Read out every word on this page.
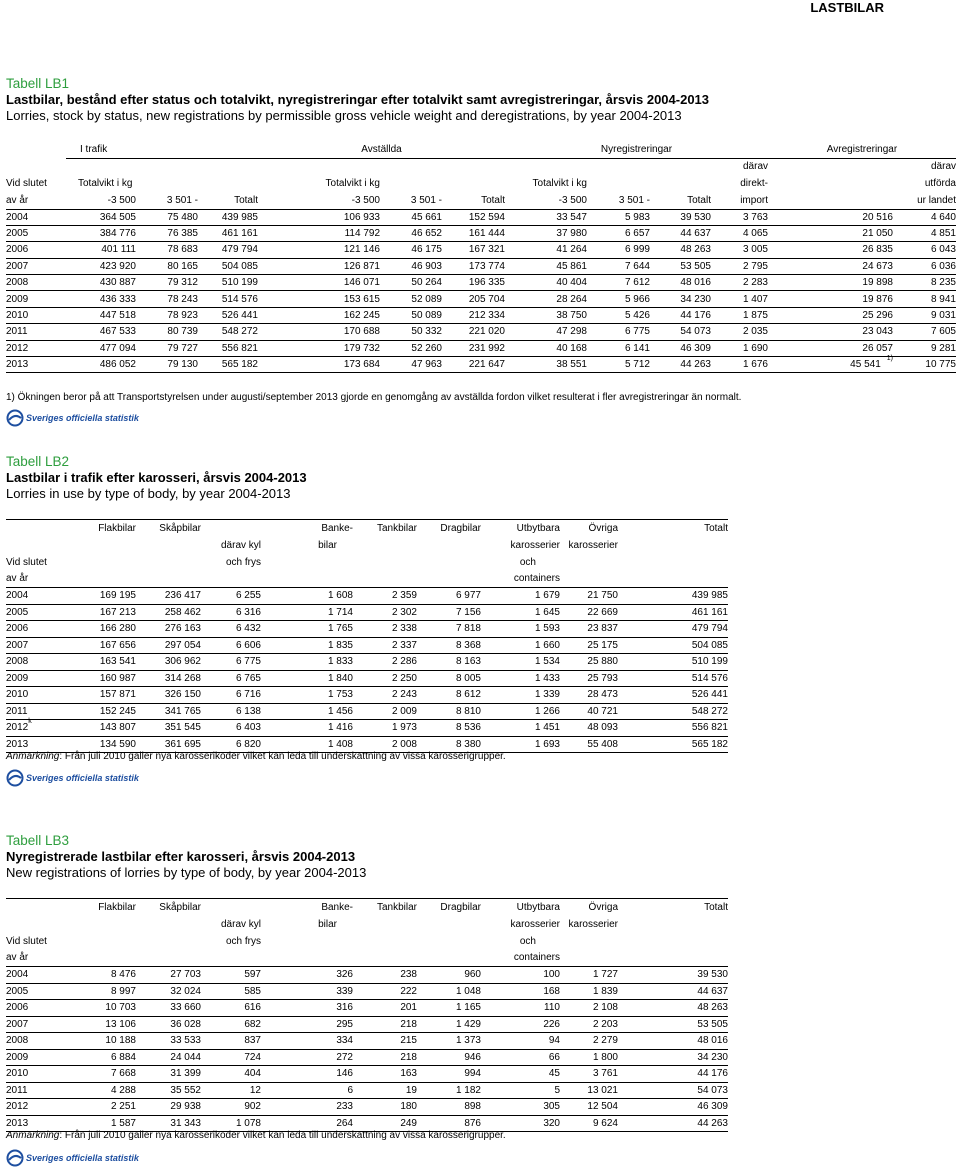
LASTBILAR
Tabell LB1
Lastbilar, bestånd efter status och totalvikt, nyregistreringar efter totalvikt samt avregistreringar, årsvis 2004-2013
Lorries, stock by status, new registrations by permissible gross vehicle weight and deregistrations, by year 2004-2013
	I trafik			Avställda			Nyregistreringar				Avregistreringar	
										därav		därav
Vid slutet	Totalvikt i kg			Totalvikt i kg			Totalvikt i kg			direkt-		utförda
av år	-3 500	3 501 -	Totalt	-3 500	3 501 -	Totalt	-3 500	3 501 -	Totalt	import		ur landet
2004	364 505	75 480	439 985	106 933	45 661	152 594	33 547	5 983	39 530	3 763	20 516	4 640
2005	384 776	76 385	461 161	114 792	46 652	161 444	37 980	6 657	44 637	4 065	21 050	4 851
2006	401 111	78 683	479 794	121 146	46 175	167 321	41 264	6 999	48 263	3 005	26 835	6 043
2007	423 920	80 165	504 085	126 871	46 903	173 774	45 861	7 644	53 505	2 795	24 673	6 036
2008	430 887	79 312	510 199	146 071	50 264	196 335	40 404	7 612	48 016	2 283	19 898	8 235
2009	436 333	78 243	514 576	153 615	52 089	205 704	28 264	5 966	34 230	1 407	19 876	8 941
2010	447 518	78 923	526 441	162 245	50 089	212 334	38 750	5 426	44 176	1 875	25 296	9 031
2011	467 533	80 739	548 272	170 688	50 332	221 020	47 298	6 775	54 073	2 035	23 043	7 605
2012	477 094	79 727	556 821	179 732	52 260	231 992	40 168	6 141	46 309	1 690	26 057	9 281
2013	486 052	79 130	565 182	173 684	47 963	221 647	38 551	5 712	44 263	1 676	45 541$^{1)}$	10 775
1) Ökningen beror på att Transportstyrelsen under augusti/september 2013 gjorde en genomgång av avställda fordon vilket resulterat i fler avregistreringar än normalt.
Sveriges officiella statistik
Tabell LB2
Lastbilar i trafik efter karosseri, årsvis 2004-2013
Lorries in use by type of body, by year 2004-2013
	Flakbilar	Skåpbilar		Banke-	Tankbilar	Dragbilar	Utbytbara	Övriga	Totalt
			därav kyl	bilar			karosserier	karosserier	
Vid slutet			och frys				och		
av år							containers		
2004	169 195	236 417	6 255	1 608	2 359	6 977	1 679	21 750	439 985
2005	167 213	258 462	6 316	1 714	2 302	7 156	1 645	22 669	461 161
2006	166 280	276 163	6 432	1 765	2 338	7 818	1 593	23 837	479 794
2007	167 656	297 054	6 606	1 835	2 337	8 368	1 660	25 175	504 085
2008	163 541	306 962	6 775	1 833	2 286	8 163	1 534	25 880	510 199
2009	160 987	314 268	6 765	1 840	2 250	8 005	1 433	25 793	514 576
2010	157 871	326 150	6 716	1 753	2 243	8 612	1 339	28 473	526 441
2011	152 245	341 765	6 138	1 456	2 009	8 810	1 266	40 721	548 272
2012$^k$	143 807	351 545	6 403	1 416	1 973	8 536	1 451	48 093	556 821
2013	134 590	361 695	6 820	1 408	2 008	8 380	1 693	55 408	565 182
Anmärkning: Från juli 2010 gäller nya karosserikoder vilket kan leda till underskattning av vissa karosserigrupper.
Sveriges officiella statistik
Tabell LB3
Nyregistrerade lastbilar efter karosseri, årsvis 2004-2013
New registrations of lorries by type of body, by year 2004-2013
	Flakbilar	Skåpbilar		Banke-	Tankbilar	Dragbilar	Utbytbara	Övriga	Totalt
			därav kyl	bilar			karosserier	karosserier	
Vid slutet			och frys				och		
av år							containers		
2004	8 476	27 703	597	326	238	960	100	1 727	39 530
2005	8 997	32 024	585	339	222	1 048	168	1 839	44 637
2006	10 703	33 660	616	316	201	1 165	110	2 108	48 263
2007	13 106	36 028	682	295	218	1 429	226	2 203	53 505
2008	10 188	33 533	837	334	215	1 373	94	2 279	48 016
2009	6 884	24 044	724	272	218	946	66	1 800	34 230
2010	7 668	31 399	404	146	163	994	45	3 761	44 176
2011	4 288	35 552	12	6	19	1 182	5	13 021	54 073
2012	2 251	29 938	902	233	180	898	305	12 504	46 309
2013	1 587	31 343	1 078	264	249	876	320	9 624	44 263
Anmärkning: Från juli 2010 gäller nya karosserikoder vilket kan leda till underskattning av vissa karosserigrupper.
Sveriges officiella statistik
